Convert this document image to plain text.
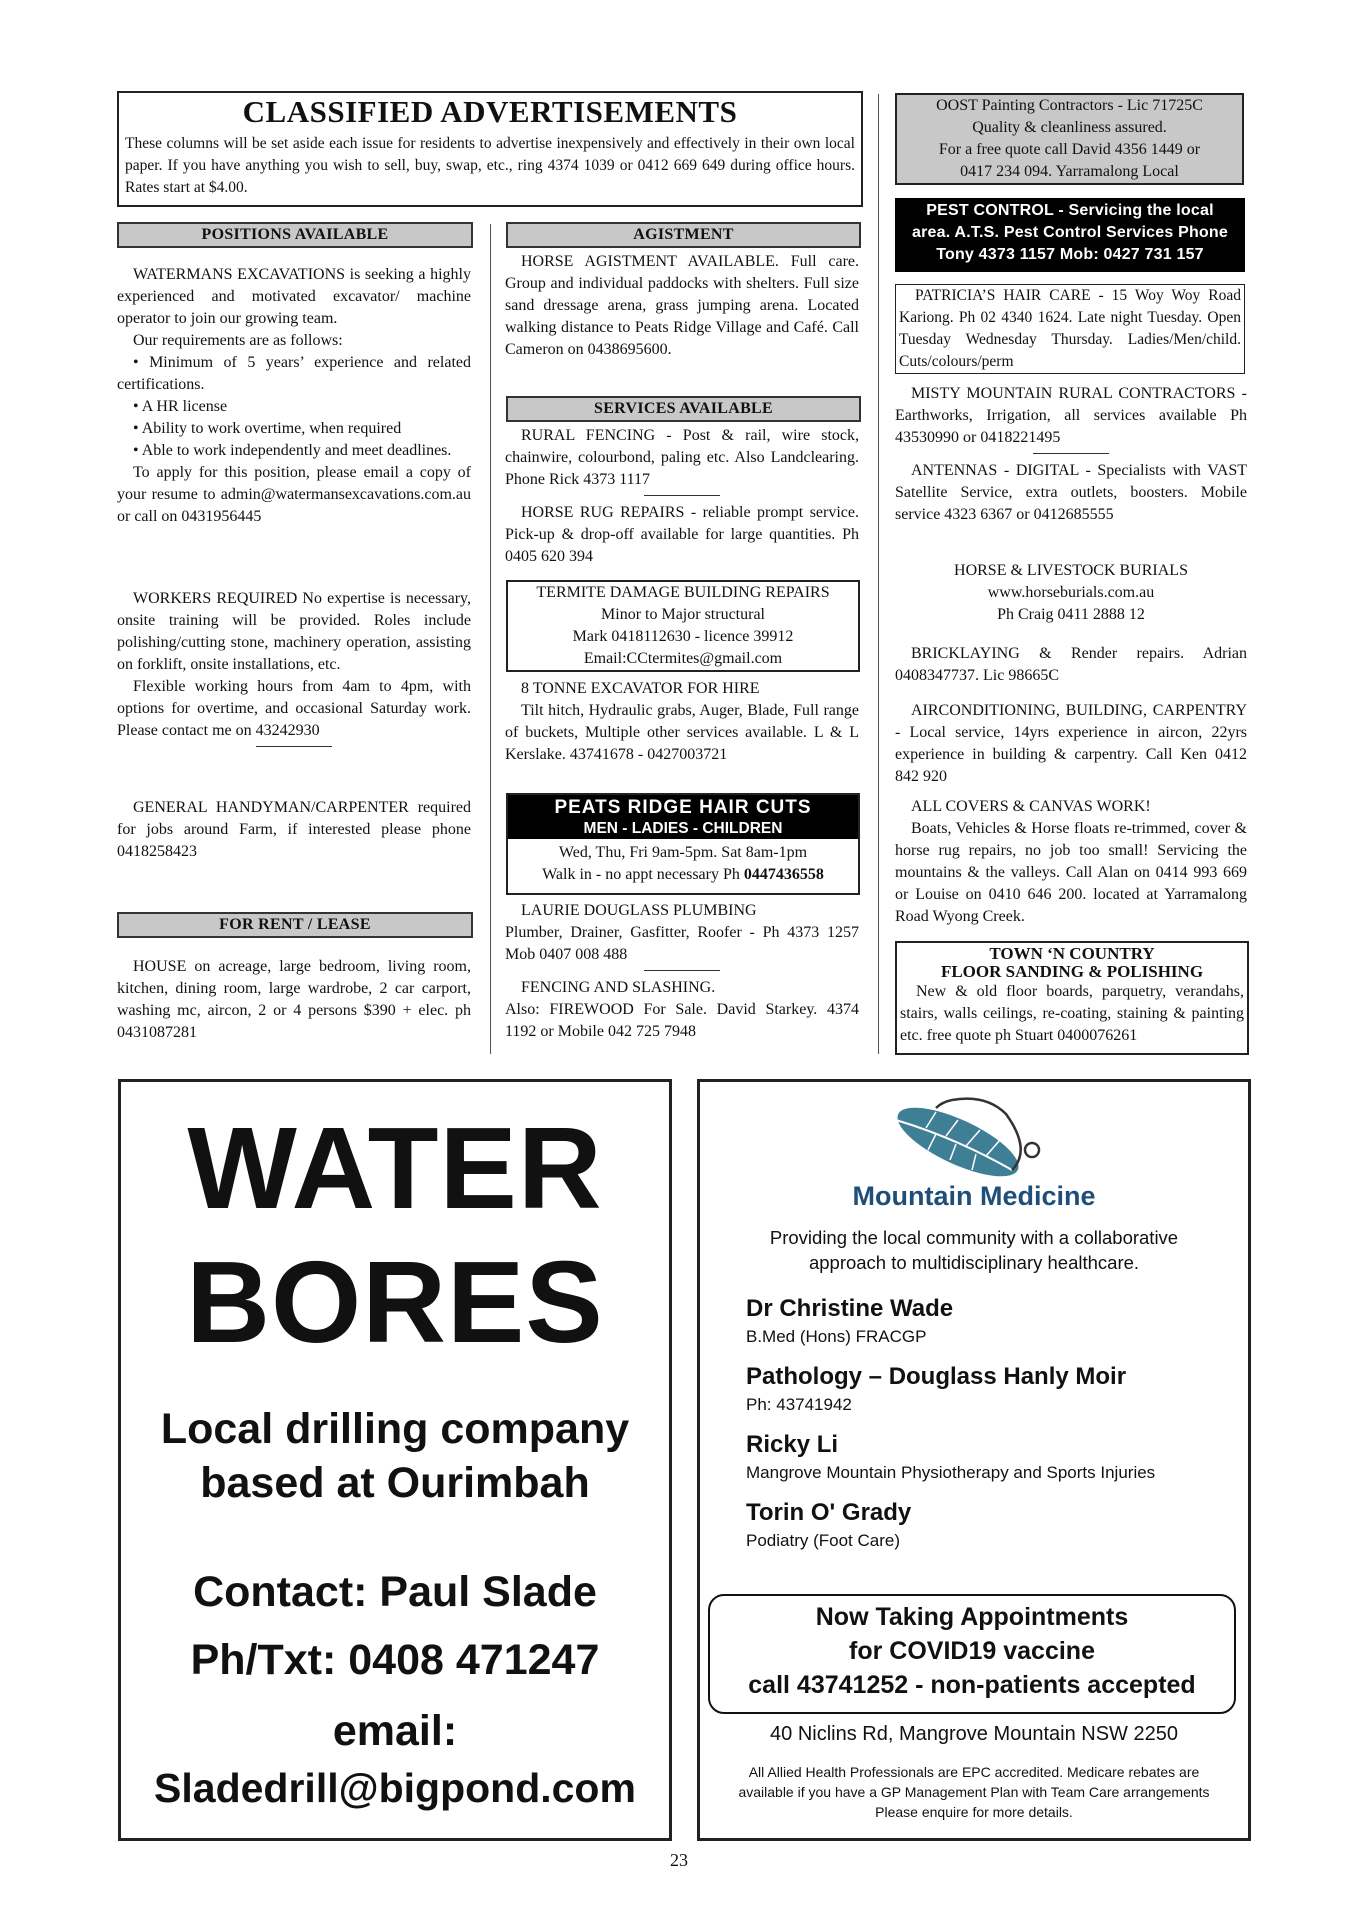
CLASSIFIED ADVERTISEMENTS
These columns will be set aside each issue for residents to advertise inexpensively and effectively in their own local paper. If you have anything you wish to sell, buy, swap, etc., ring 4374 1039 or 0412 669 649 during office hours. Rates start at $4.00.
POSITIONS AVAILABLE

WATERMANS EXCAVATIONS is seeking a highly experienced and motivated excavator/ machine operator to join our growing team.

Our requirements are as follows:

• Minimum of 5 years’ experience and related certifications.

• A HR license

• Ability to work overtime, when required

• Able to work independently and meet deadlines.

To apply for this position, please email a copy of your resume to admin@watermansexcavations.com.au or call on 0431956445

WORKERS REQUIRED No expertise is necessary, onsite training will be provided. Roles include polishing/cutting stone, machinery operation, assisting on forklift, onsite installations, etc.

Flexible working hours from 4am to 4pm, with options for overtime, and occasional Saturday work. Please contact me on 43242930

GENERAL HANDYMAN/CARPENTER required for jobs around Farm, if interested please phone 0418258423

FOR RENT / LEASE

HOUSE on acreage, large bedroom, living room, kitchen, dining room, large wardrobe, 2 car carport, washing mc, aircon, 2 or 4 persons $390 + elec. ph 0431087281

AGISTMENT

HORSE AGISTMENT AVAILABLE. Full care. Group and individual paddocks with shelters. Full size sand dressage arena, grass jumping arena. Located walking distance to Peats Ridge Village and Café. Call Cameron on 0438695600.

SERVICES AVAILABLE

RURAL FENCING - Post & rail, wire stock, chainwire, colourbond, paling etc. Also Landclearing. Phone Rick 4373 1117

HORSE RUG REPAIRS - reliable prompt service. Pick-up & drop-off available for large quantities. Ph 0405 620 394

TERMITE DAMAGE BUILDING REPAIRS
Minor to Major structural
Mark 0418112630 - licence 39912
Email:CCtermites@gmail.com

8 TONNE EXCAVATOR FOR HIRE

Tilt hitch, Hydraulic grabs, Auger, Blade, Full range of buckets, Multiple other services available. L & L Kerslake. 43741678 - 0427003721

PEATS RIDGE HAIR CUTS
MEN - LADIES - CHILDREN
Wed, Thu, Fri 9am-5pm. Sat 8am-1pm
Walk in - no appt necessary Ph 0447436558

LAURIE DOUGLASS PLUMBING

Plumber, Drainer, Gasfitter, Roofer - Ph 4373 1257 Mob 0407 008 488

FENCING AND SLASHING.

Also: FIREWOOD For Sale. David Starkey. 4374 1192 or Mobile 042 725 7948

OOST Painting Contractors - Lic 71725C
Quality & cleanliness assured.
For a free quote call David 4356 1449 or
0417 234 094. Yarramalong Local
PEST CONTROL - Servicing the local
area. A.T.S. Pest Control Services Phone
Tony 4373 1157 Mob: 0427 731 157

PATRICIA’S HAIR CARE - 15 Woy Woy Road Kariong. Ph 02 4340 1624. Late night Tuesday. Open Tuesday Wednesday Thursday. Ladies/Men/child. Cuts/colours/perm

MISTY MOUNTAIN RURAL CONTRACTORS - Earthworks, Irrigation, all services available Ph 43530990 or 0418221495

ANTENNAS - DIGITAL - Specialists with VAST Satellite Service, extra outlets, boosters. Mobile service 4323 6367 or 0412685555

HORSE & LIVESTOCK BURIALS
www.horseburials.com.au
Ph Craig 0411 2888 12

BRICKLAYING & Render repairs. Adrian 0408347737. Lic 98665C

AIRCONDITIONING, BUILDING, CARPENTRY - Local service, 14yrs experience in aircon, 22yrs experience in building & carpentry. Call Ken 0412 842 920

ALL COVERS & CANVAS WORK!

Boats, Vehicles & Horse floats re-trimmed, cover & horse rug repairs, no job too small! Servicing the mountains & the valleys. Call Alan on 0414 993 669 or Louise on 0410 646 200. located at Yarramalong Road Wyong Creek.

TOWN ‘N COUNTRY
FLOOR SANDING & POLISHING

New & old floor boards, parquetry, verandahs, stairs, walls ceilings, re-coating, staining & painting etc. free quote ph Stuart 0400076261

WATER
BORES
Local drilling company
based at Ourimbah
Contact: Paul Slade
Ph/Txt: 0408 471247
email:
Sladedrill@bigpond.com
Mountain Medicine
Providing the local community with a collaborative
approach to multidisciplinary healthcare.
Dr Christine Wade
B.Med (Hons) FRACGP
Pathology – Douglass Hanly Moir
Ph: 43741942
Ricky Li
Mangrove Mountain Physiotherapy and Sports Injuries
Torin O' Grady
Podiatry (Foot Care)
Now Taking Appointments
for COVID19 vaccine
call 43741252 - non-patients accepted
40 Niclins Rd, Mangrove Mountain NSW 2250
All Allied Health Professionals are EPC accredited. Medicare rebates are
available if you have a GP Management Plan with Team Care arrangements
Please enquire for more details.
23
